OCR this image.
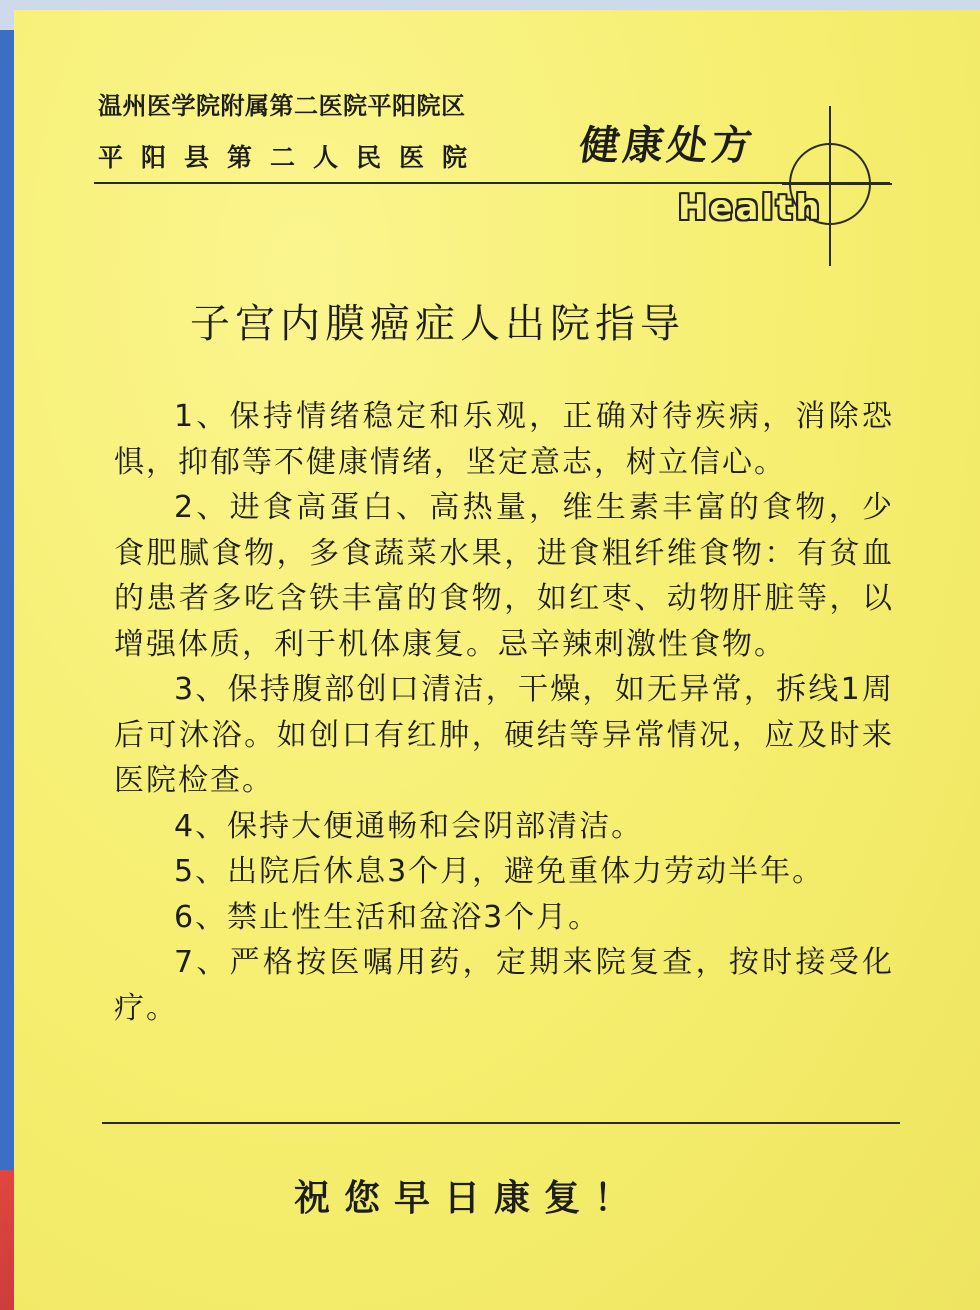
温州医学院附属第二医院平阳院区
平阳县第二人民医院 健康处方
Health
子宫内膜癌症人出院指导

1、保持情绪稳定和乐观，正确对待疾病，消除恐惧，抑郁等不健康情绪，坚定意志，树立信心。

2、进食高蛋白、高热量，维生素丰富的食物，少食肥腻食物，多食蔬菜水果，进食粗纤维食物：有贫血的患者多吃含铁丰富的食物，如红枣、动物肝脏等，以增强体质，利于机体康复。忌辛辣刺激性食物。

3、保持腹部创口清洁，干燥，如无异常，拆线1周后可沐浴。如创口有红肿，硬结等异常情况，应及时来医院检查。

4、保持大便通畅和会阴部清洁。

5、出院后休息3个月，避免重体力劳动半年。

6、禁止性生活和盆浴3个月。

7、严格按医嘱用药，定期来院复查，按时接受化疗。

祝您早日康复！
